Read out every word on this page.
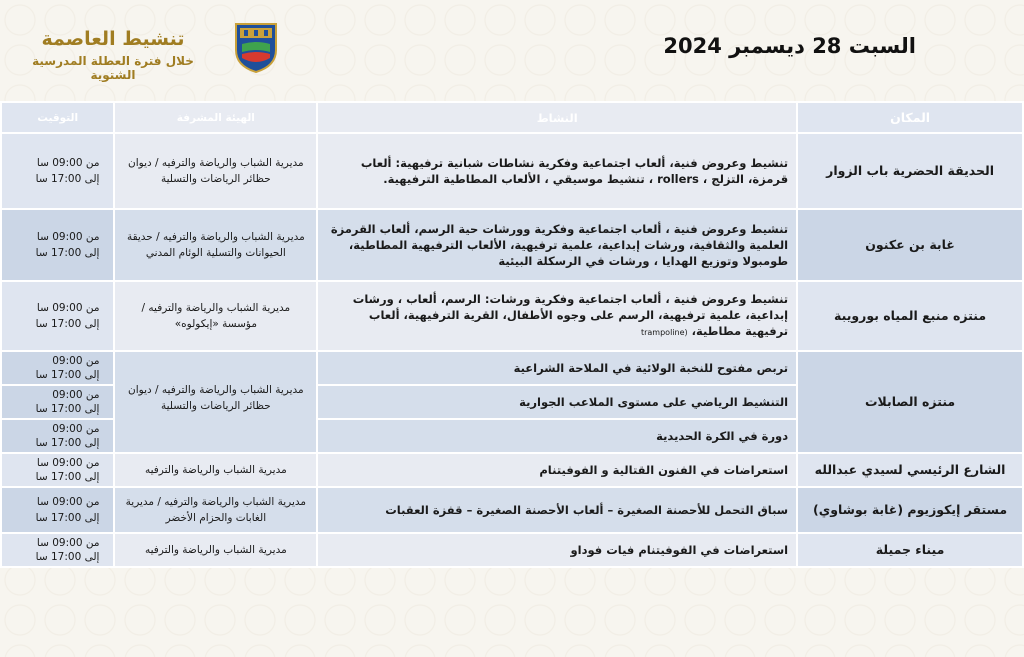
تنشيط العاصمة
خلال فترة العطلة المدرسية الشتوية
السبت 28 ديسمبر 2024
المكان	النشاط	الهيئة المشرفة	التوقيت
الحديقة الحضرية باب الزوار	تنشيط وعروض فنية، ألعاب اجتماعية وفكرية نشاطات شبانية ترفيهية: ألعاب قرمزة، التزلج ، rollers ، تنشيط موسيقي ، الألعاب المطاطية الترفيهية.	مديرية الشباب والرياضة والترفيه / ديوان حظائر الرياضات والتسلية	من 09:00 سا
إلى 17:00 سا

غابة بن عكنون	تنشيط وعروض فنية ، ألعاب اجتماعية وفكرية وورشات حية الرسم، ألعاب القرمزة العلمية والثقافية، ورشات إبداعية، علمية ترفيهية، الألعاب الترفيهية المطاطية، طومبولا وتوزيع الهدايا ، ورشات في الرسكلة البيئية	مديرية الشباب والرياضة والترفيه / حديقة الحيوانات والتسلية الوئام المدني	من 09:00 سا
إلى 17:00 سا

منتزه منبع المياه بورويبة	تنشيط وعروض فنية ، ألعاب اجتماعية وفكرية ورشات: الرسم، ألعاب ، ورشات إبداعية، علمية ترفيهية، الرسم على وجوه الأطفال، القرية الترفيهية، ألعاب ترفيهية مطاطية، (trampoline	مديرية الشباب والرياضة والترفيه / مؤسسة «إيكولوه»	من 09:00 سا
إلى 17:00 سا

منتزه الصابلات	تربص مفتوح للنخبة الولائية في الملاحة الشراعية	مديرية الشباب والرياضة والترفيه / ديوان حظائر الرياضات والتسلية	من 09:00
إلى 17:00 سا

	التنشيط الرياضي على مستوى الملاعب الجوارية		من 09:00
إلى 17:00 سا

	دورة في الكرة الحديدية		من 09:00
إلى 17:00 سا

الشارع الرئيسي لسيدي عبدالله	استعراضات في الفنون القتالية و الفوفيتنام	مديرية الشباب والرياضة والترفيه	من 09:00 سا
إلى 17:00 سا

مستقر إيكوزيوم (غابة بوشاوي)	سباق التحمل للأحصنة الصغيرة – ألعاب الأحصنة الصغيرة – قفزة العقبات	مديرية الشباب والرياضة والترفيه / مديرية الغابات والحزام الأخضر	من 09:00 سا
إلى 17:00 سا

ميناء جميلة	استعراضات في الفوفيتنام فيات فوداو	مديرية الشباب والرياضة والترفيه	من 09:00 سا
إلى 17:00 سا
